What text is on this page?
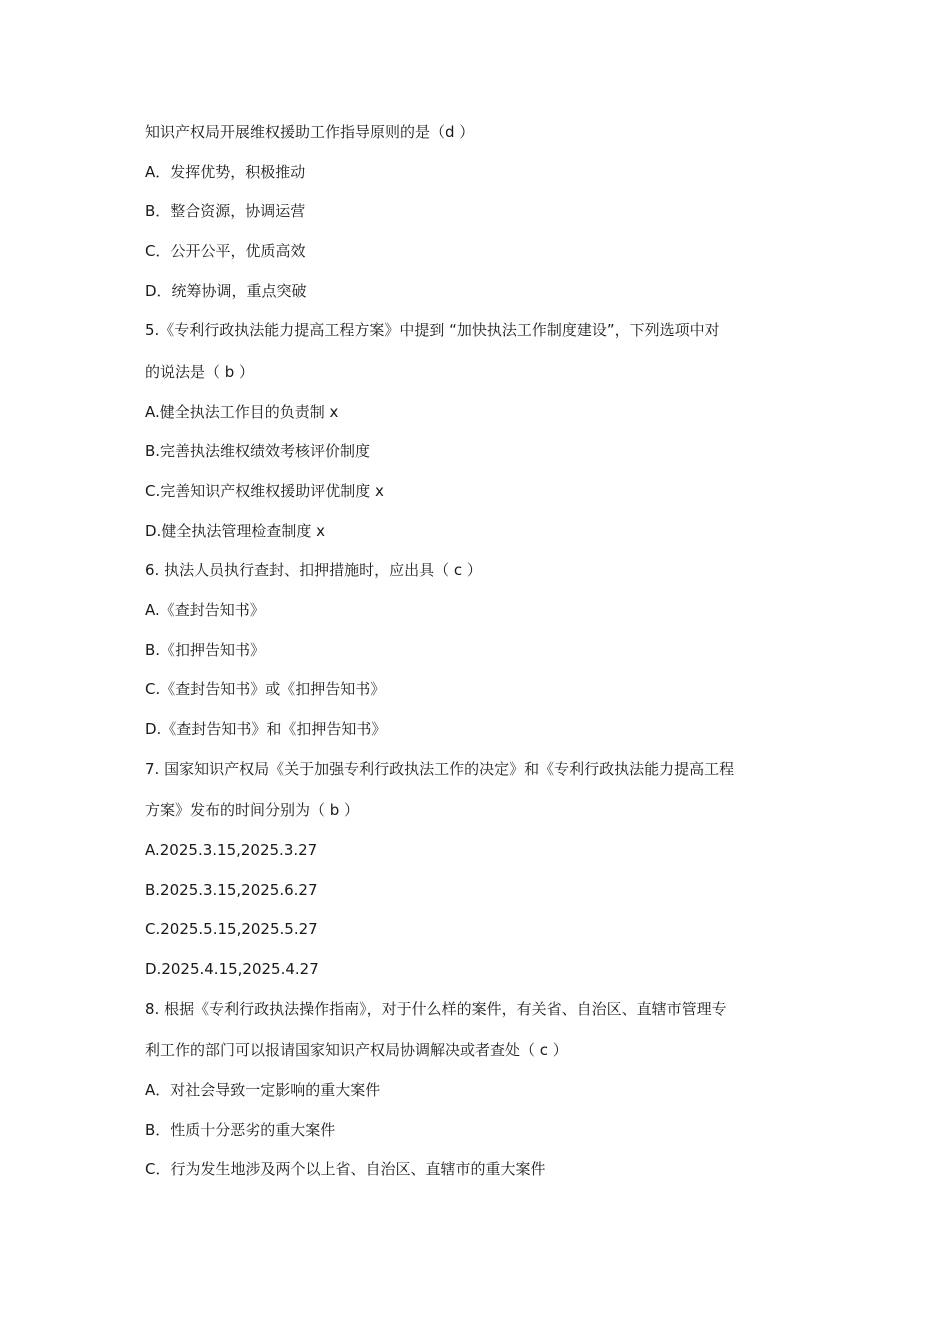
知识产权局开展维权援助工作指导原则的是（d ）
A．发挥优势，积极推动
B．整合资源，协调运营
C．公开公平，优质高效
D．统筹协调，重点突破
5.《专利行政执法能力提高工程方案》中提到 “加快执法工作制度建设”，下列选项中对
的说法是（ b ）
A.健全执法工作目的负责制 x
B.完善执法维权绩效考核评价制度
C.完善知识产权维权援助评优制度 x
D.健全执法管理检查制度 x
6. 执法人员执行查封、扣押措施时，应出具（ c ）
A.《查封告知书》
B.《扣押告知书》
C.《查封告知书》或《扣押告知书》
D.《查封告知书》和《扣押告知书》
7. 国家知识产权局《关于加强专利行政执法工作的决定》和《专利行政执法能力提高工程
方案》发布的时间分别为（ b ）
A.2025.3.15,2025.3.27
B.2025.3.15,2025.6.27
C.2025.5.15,2025.5.27
D.2025.4.15,2025.4.27
8. 根据《专利行政执法操作指南》，对于什么样的案件，有关省、自治区、直辖市管理专
利工作的部门可以报请国家知识产权局协调解决或者查处（ c ）
A．对社会导致一定影响的重大案件
B．性质十分恶劣的重大案件
C．行为发生地涉及两个以上省、自治区、直辖市的重大案件
